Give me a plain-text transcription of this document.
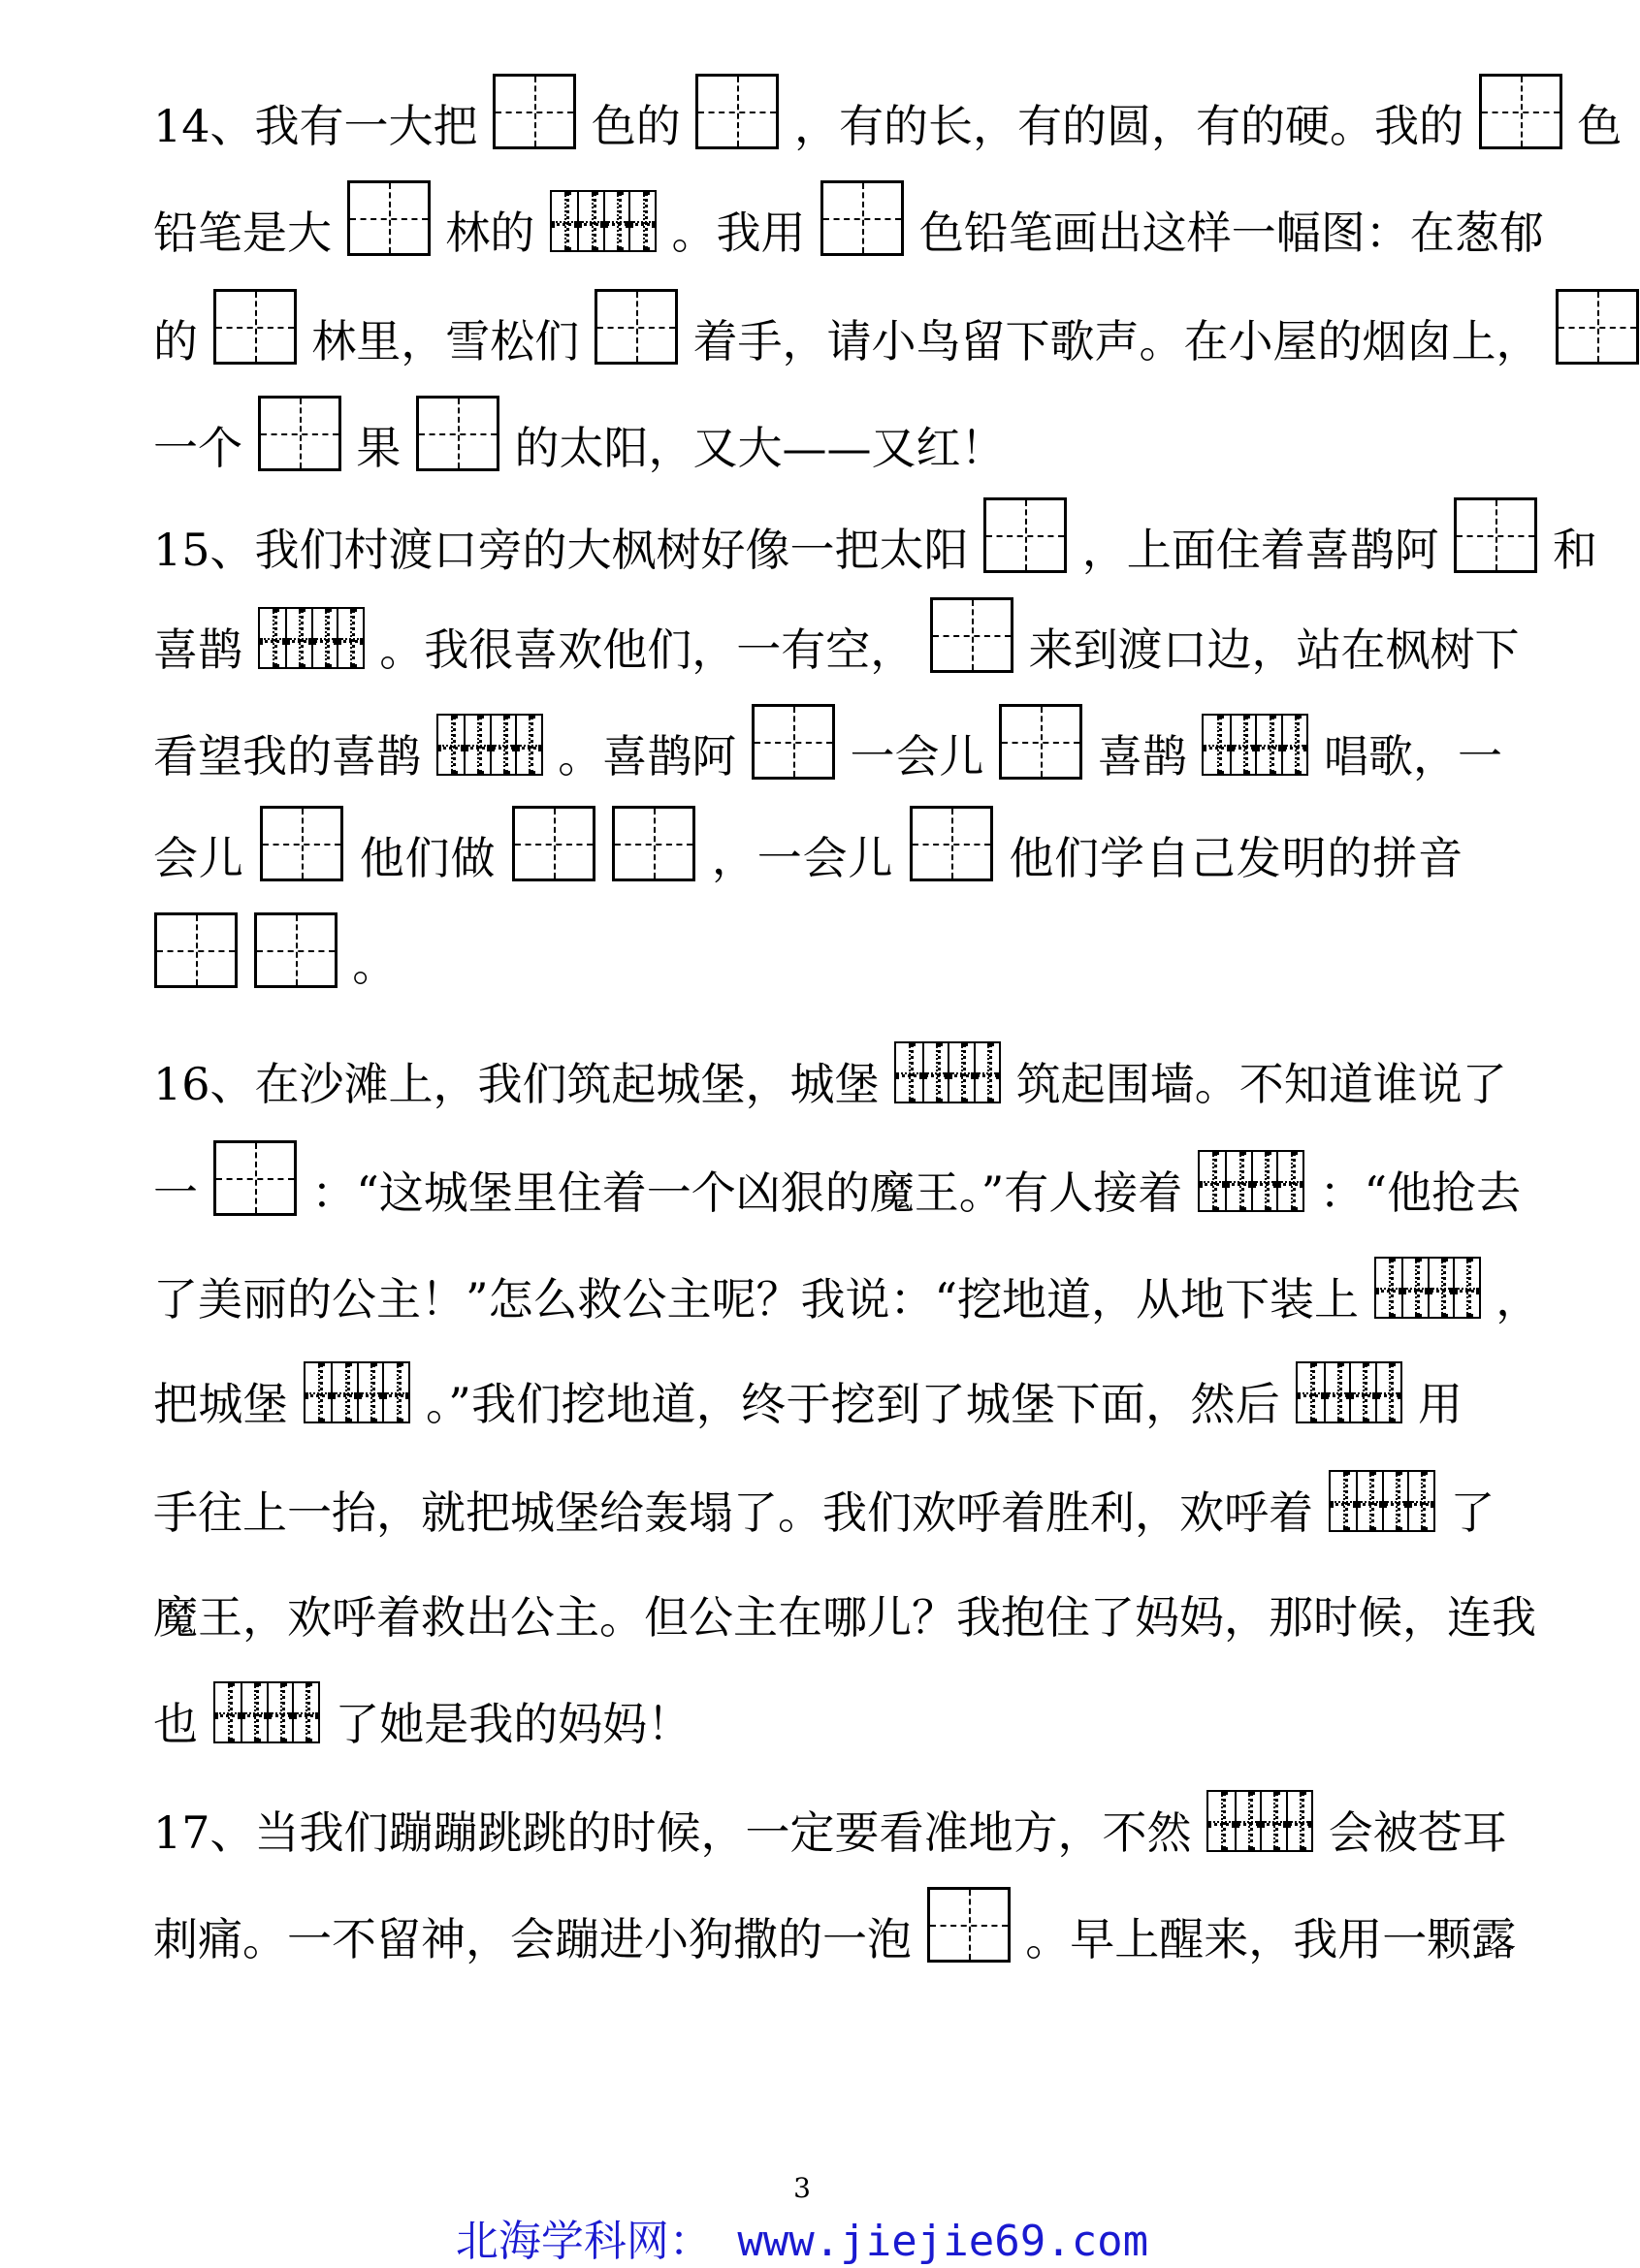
14、我有一大把	色的	，有的长，有的圆，有的硬。我的	色
铅笔是大	林的	。我用	色铅笔画出这样一幅图：在葱郁
的	林里，雪松们	着手，请小鸟留下歌声。在小屋的烟囱上，
一个	果	的太阳，又大——又红！
15、我们村渡口旁的大枫树好像一把太阳	，上面住着喜鹊阿	和
喜鹊	。我很喜欢他们，一有空，	来到渡口边，站在枫树下
看望我的喜鹊	。喜鹊阿	一会儿	喜鹊	唱歌，一
会儿	他们做
	，一会儿	他们学自己发明的拼音

。
16、在沙滩上，我们筑起城堡，城堡	筑起围墙。不知道谁说了
一	：“这城堡里住着一个凶狠的魔王。”有人接着	：“他抢去
了美丽的公主！”怎么救公主呢？我说：“挖地道，从地下装上	，
把城堡	。”我们挖地道，终于挖到了城堡下面，然后	用
手往上一抬，就把城堡给轰塌了。我们欢呼着胜利，欢呼着	了
魔王，欢呼着救出公主。但公主在哪儿？我抱住了妈妈，那时候，连我
也	了她是我的妈妈！
17、当我们蹦蹦跳跳的时候，一定要看准地方，不然	会被苍耳
刺痛。一不留神，会蹦进小狗撒的一泡	。早上醒来，我用一颗露
3
北海学科网： www.jiejie69.com
